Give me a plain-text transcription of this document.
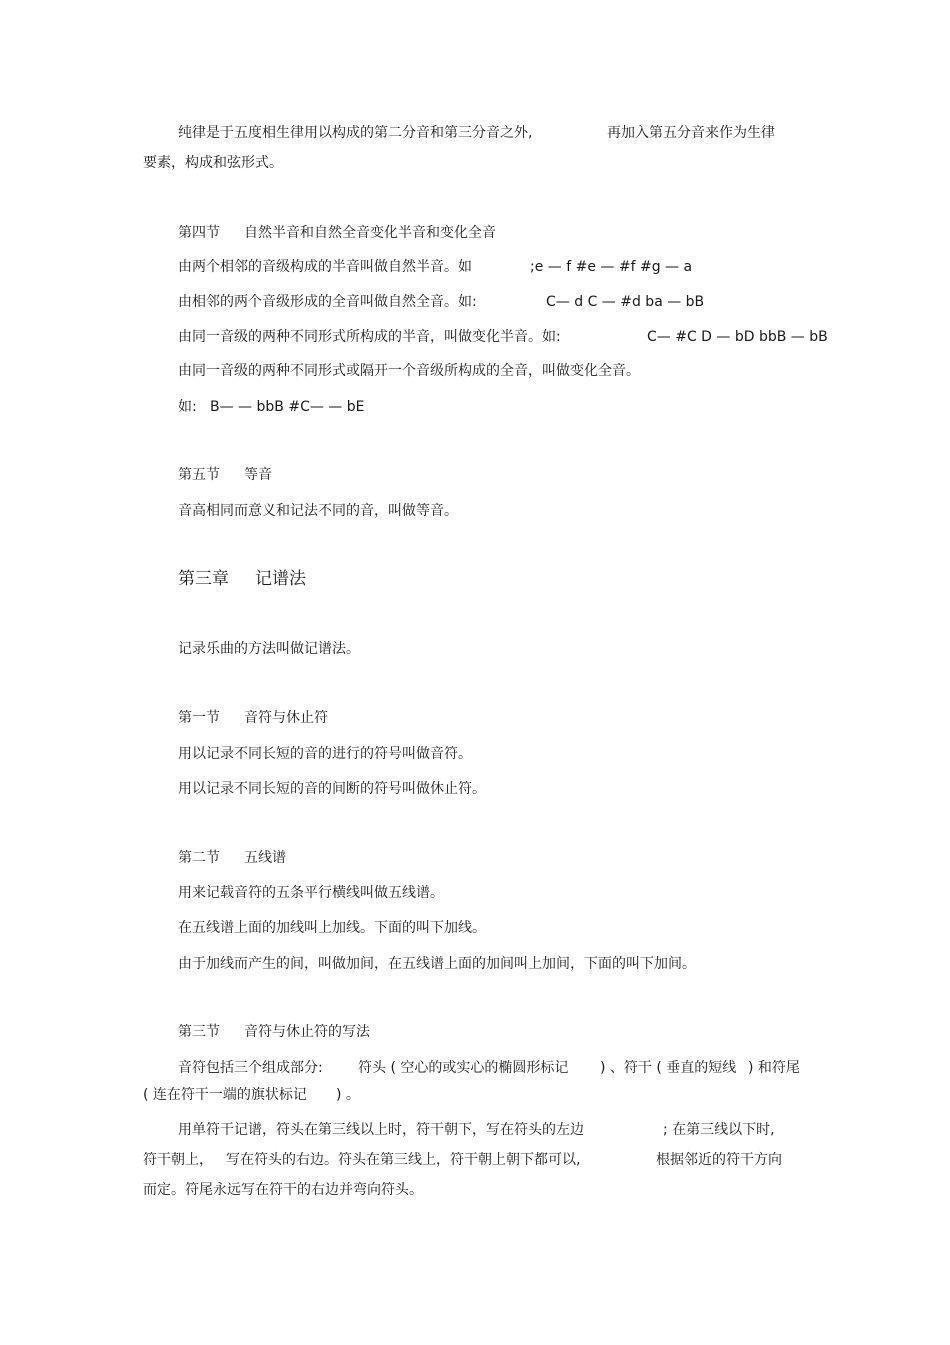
纯律是于五度相生律用以构成的第二分音和第三分音之外,	再加入第五分音来作为生律
要素，构成和弦形式。
第四节 自然半音和自然全音变化半音和变化全音
由两个相邻的音级构成的半音叫做自然半音。如	;e — f #e — #f #g — a
由相邻的两个音级形成的全音叫做自然全音。如:	C— d C — #d ba — bB
由同一音级的两种不同形式所构成的半音，叫做变化半音。如:	C— #C D — bD bbB — bB
由同一音级的两种不同形式或隔开一个音级所构成的全音，叫做变化全音。
如: B— — bbB #C— — bE
第五节 等音
音高相同而意义和记法不同的音，叫做等音。
第三章 记谱法
记录乐曲的方法叫做记谱法。
第一节 音符与休止符
用以记录不同长短的音的进行的符号叫做音符。
用以记录不同长短的音的间断的符号叫做休止符。
第二节 五线谱
用来记载音符的五条平行横线叫做五线谱。
在五线谱上面的加线叫上加线。下面的叫下加线。
由于加线而产生的间，叫做加间，在五线谱上面的加间叫上加间，下面的叫下加间。
第三节 音符与休止符的写法
音符包括三个组成部分:	符头 ( 空心的或实心的椭圆形标记 ) 、符干 ( 垂直的短线 ) 和符尾
( 连在符干一端的旗状标记 ) 。
用单符干记谱，符头在第三线以上时，符干朝下，写在符头的左边	; 在第三线以下时,
符干朝上， 写在符头的右边。符头在第三线上，符干朝上朝下都可以,	根据邻近的符干方向
而定。符尾永远写在符干的右边并弯向符头。
